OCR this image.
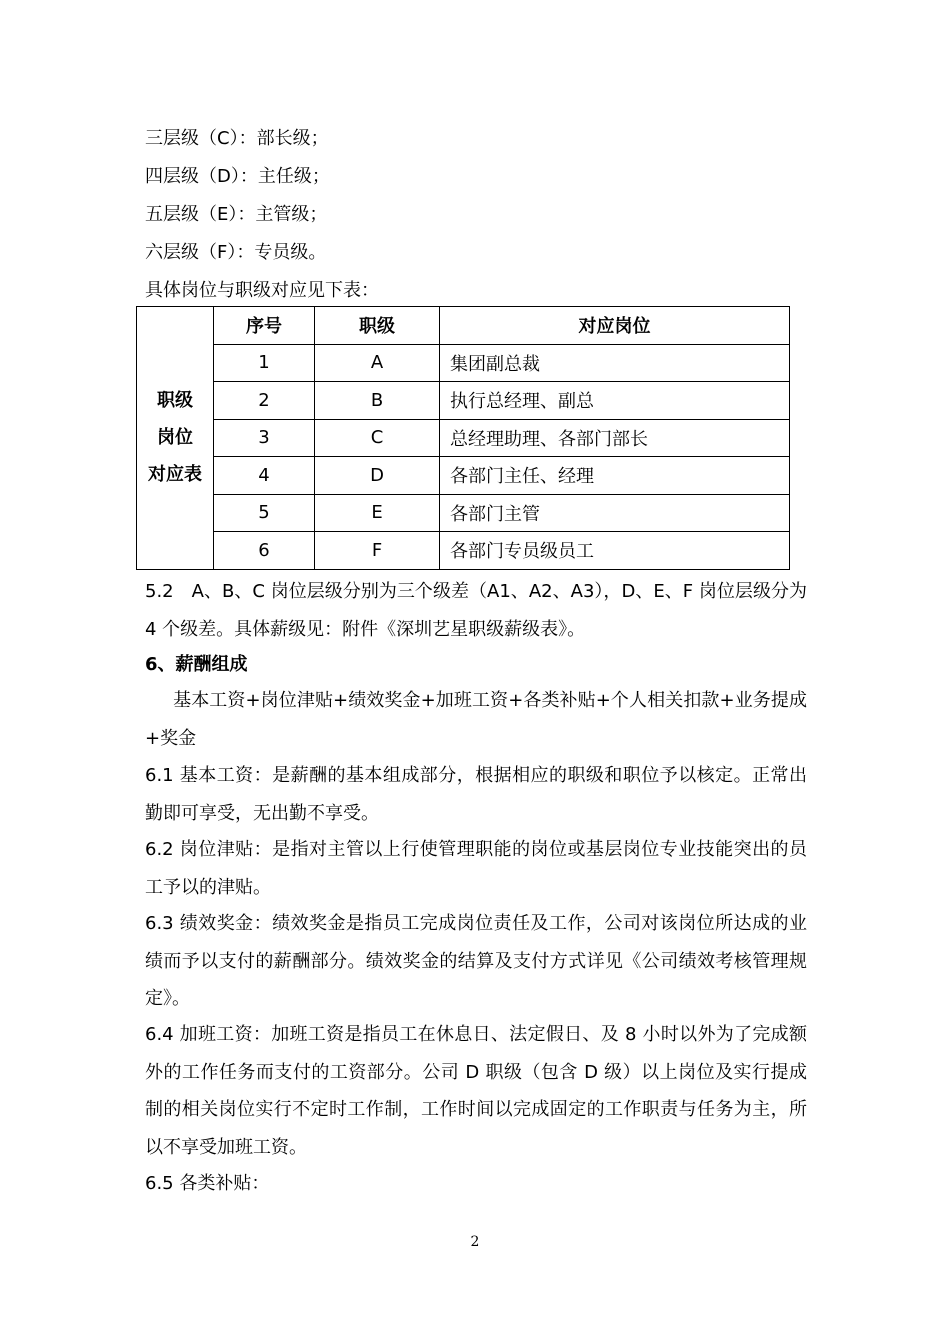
三层级（C）：部长级；
四层级（D）：主任级；
五层级（E）：主管级；
六层级（F）：专员级。
具体岗位与职级对应见下表：
职级
岗位
对应表	序号	职级	对应岗位
	1	A	集团副总裁
	2	B	执行总经理、副总
	3	C	总经理助理、各部门部长
	4	D	各部门主任、经理
	5	E	各部门主管
	6	F	各部门专员级员工

5.2　A、B、C 岗位层级分别为三个级差（A1、A2、A3），D、E、F 岗位层级分为 4 个级差。具体薪级见：附件《深圳艺星职级薪级表》。

6、薪酬组成

基本工资+岗位津贴+绩效奖金+加班工资+各类补贴+个人相关扣款+业务提成+奖金

6.1 基本工资：是薪酬的基本组成部分，根据相应的职级和职位予以核定。正常出勤即可享受，无出勤不享受。

6.2 岗位津贴：是指对主管以上行使管理职能的岗位或基层岗位专业技能突出的员工予以的津贴。

6.3 绩效奖金：绩效奖金是指员工完成岗位责任及工作，公司对该岗位所达成的业绩而予以支付的薪酬部分。绩效奖金的结算及支付方式详见《公司绩效考核管理规定》。

6.4 加班工资：加班工资是指员工在休息日、法定假日、及 8 小时以外为了完成额外的工作任务而支付的工资部分。公司 D 职级（包含 D 级）以上岗位及实行提成制的相关岗位实行不定时工作制，工作时间以完成固定的工作职责与任务为主，所以不享受加班工资。

6.5 各类补贴：

2
